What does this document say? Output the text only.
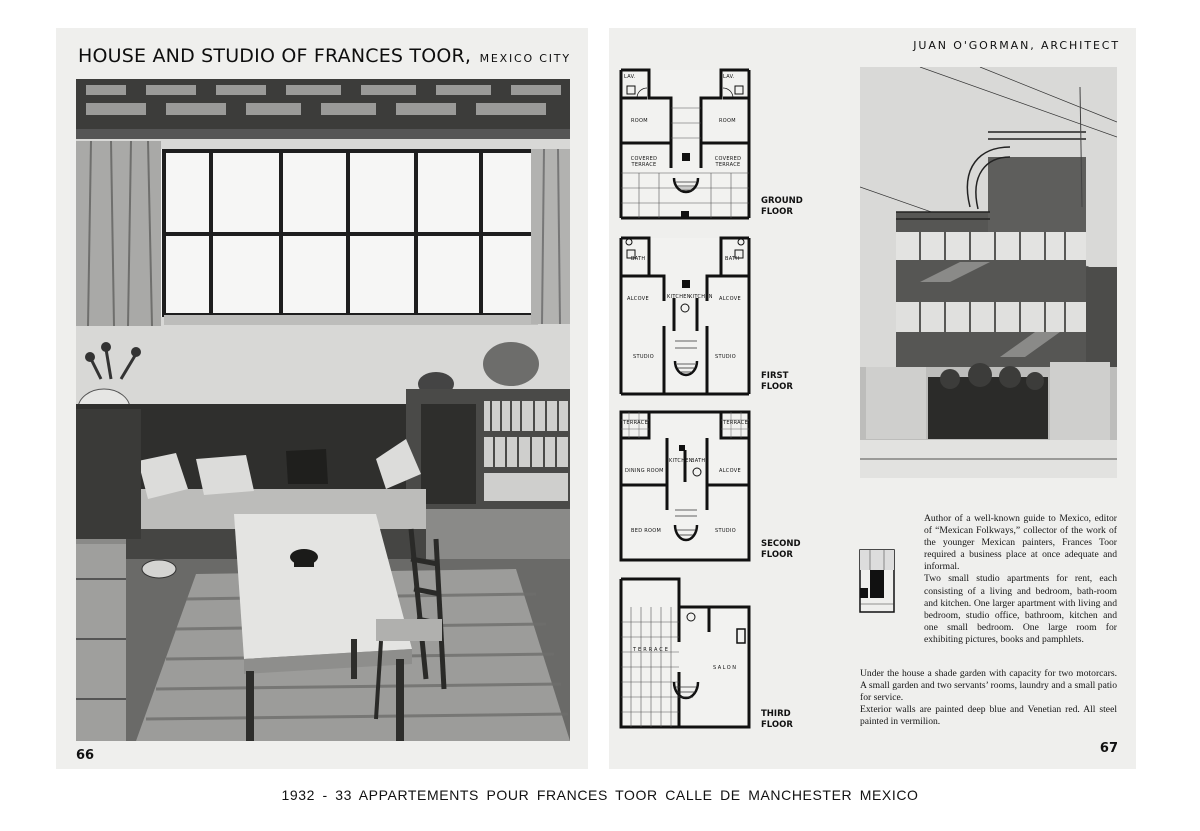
HOUSE AND STUDIO OF FRANCES TOOR, MEXICO CITY
66
JUAN O'GORMAN, ARCHITECT
LAV.	LAV.
ROOM	ROOM
COVERED TERRACE
COVERED TERRACE
GROUND
FLOOR
BATH	BATH
ALCOVE	KITCHEN
KITCHEN ALCOVE
STUDIO	STUDIO
FIRST
FLOOR
TERRACE	TERRACE
DINING ROOM
KITCHEN
BATH
ALCOVE
BED ROOM	STUDIO
SECOND
FLOOR
TERRACE
SALON
THIRD
FLOOR

Author of a well-known guide to Mexico, editor of “Mexican Folkways,” collector of the work of the younger Mexican painters, Frances Toor required a business place at once adequate and informal.

Two small studio apartments for rent, each consisting of a living and bedroom, bath-room and kitchen. One larger apartment with living and bedroom, studio office, bathroom, kitchen and one small bedroom. One large room for exhibiting pictures, books and pamphlets.

Under the house a shade garden with capacity for two motorcars. A small garden and two servants’ rooms, laundry and a small patio for service.

Exterior walls are painted deep blue and Venetian red. All steel painted in vermilion.

67
1932 - 33 APPARTEMENTS POUR FRANCES TOOR CALLE DE MANCHESTER MEXICO
